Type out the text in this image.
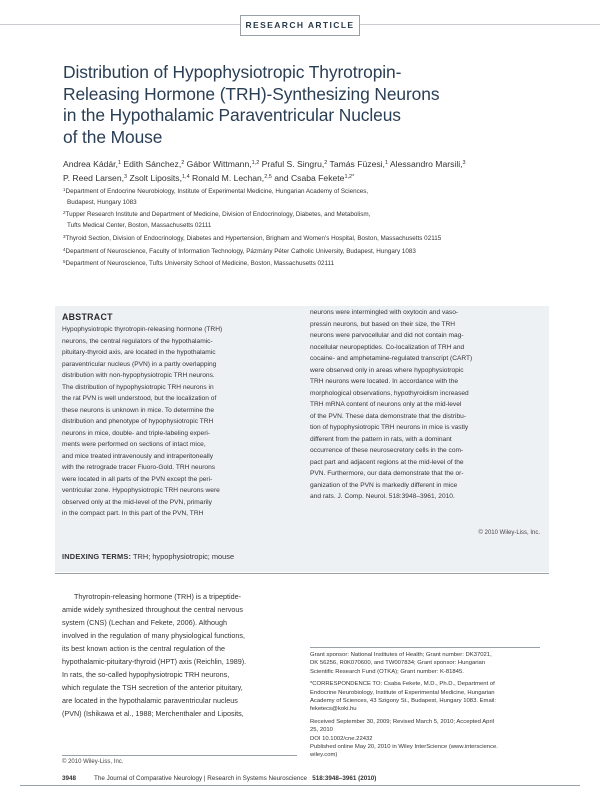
RESEARCH ARTICLE
Distribution of Hypophysiotropic Thyrotropin-
Releasing Hormone (TRH)-Synthesizing Neurons
in the Hypothalamic Paraventricular Nucleus
of the Mouse
Andrea Kádár,$^1$ Edith Sánchez,$^2$ Gábor Wittmann,$^{1,2}$ Praful S. Singru,$^2$ Tamás Füzesi,$^1$ Alessandro Marsili,$^3$
P. Reed Larsen,$^3$ Zsolt Liposits,$^{1,4}$ Ronald M. Lechan,$^{2,5}$ and Csaba Fekete$^{1,2*}$
$^1$Department of Endocrine Neurobiology, Institute of Experimental Medicine, Hungarian Academy of Sciences,
Budapest, Hungary 1083
$^2$Tupper Research Institute and Department of Medicine, Division of Endocrinology, Diabetes, and Metabolism,
Tufts Medical Center, Boston, Massachusetts 02111
$^3$Thyroid Section, Division of Endocrinology, Diabetes and Hypertension, Brigham and Women's Hospital, Boston, Massachusetts 02115
$^4$Department of Neuroscience, Faculty of Information Technology, Pázmány Péter Catholic University, Budapest, Hungary 1083
$^5$Department of Neuroscience, Tufts University School of Medicine, Boston, Massachusetts 02111
ABSTRACT
Hypophysiotropic thyrotropin-releasing hormone (TRH)
neurons, the central regulators of the hypothalamic-
pituitary-thyroid axis, are located in the hypothalamic
paraventricular nucleus (PVN) in a partly overlapping
distribution with non-hypophysiotropic TRH neurons.
The distribution of hypophysiotropic TRH neurons in
the rat PVN is well understood, but the localization of
these neurons is unknown in mice. To determine the
distribution and phenotype of hypophysiotropic TRH
neurons in mice, double- and triple-labeling experi-
ments were performed on sections of intact mice,
and mice treated intravenously and intraperitoneally
with the retrograde tracer Fluoro-Gold. TRH neurons
were located in all parts of the PVN except the peri-
ventricular zone. Hypophysiotropic TRH neurons were
observed only at the mid-level of the PVN, primarily
in the compact part. In this part of the PVN, TRH
neurons were intermingled with oxytocin and vaso-
pressin neurons, but based on their size, the TRH
neurons were parvocellular and did not contain mag-
nocellular neuropeptides. Co-localization of TRH and
cocaine- and amphetamine-regulated transcript (CART)
were observed only in areas where hypophysiotropic
TRH neurons were located. In accordance with the
morphological observations, hypothyroidism increased
TRH mRNA content of neurons only at the mid-level
of the PVN. These data demonstrate that the distribu-
tion of hypophysiotropic TRH neurons in mice is vastly
different from the pattern in rats, with a dominant
occurrence of these neurosecretory cells in the com-
pact part and adjacent regions at the mid-level of the
PVN. Furthermore, our data demonstrate that the or-
ganization of the PVN is markedly different in mice
and rats. J. Comp. Neurol. 518:3948–3961, 2010.
© 2010 Wiley-Liss, Inc.
INDEXING TERMS: TRH; hypophysiotropic; mouse
Thyrotropin-releasing hormone (TRH) is a tripeptide-
amide widely synthesized throughout the central nervous
system (CNS) (Lechan and Fekete, 2006). Although
involved in the regulation of many physiological functions,
its best known action is the central regulation of the
hypothalamic-pituitary-thyroid (HPT) axis (Reichlin, 1989).
In rats, the so-called hypophysiotropic TRH neurons,
which regulate the TSH secretion of the anterior pituitary,
are located in the hypothalamic paraventricular nucleus
(PVN) (Ishikawa et al., 1988; Merchenthaler and Liposits,
Grant sponsor: National Institutes of Health; Grant number: DK37021,
DK 56256, R0K070600, and TW007834; Grant sponsor: Hungarian
Scientific Research Fund (OTKA); Grant number: K-81845.
*CORRESPONDENCE TO: Csaba Fekete, M.D., Ph.D., Department of
Endocrine Neurobiology, Institute of Experimental Medicine, Hungarian
Academy of Sciences, 43 Szigony St., Budapest, Hungary 1083. Email:
feketecs@koki.hu
Received September 30, 2009; Revised March 5, 2010; Accepted April
25, 2010
DOI 10.1002/cne.22432
Published online May 20, 2010 in Wiley InterScience (www.interscience.
wiley.com)
© 2010 Wiley-Liss, Inc.
3948	The Journal of Comparative Neurology | Research in Systems Neuroscience 518:3948–3961 (2010)
